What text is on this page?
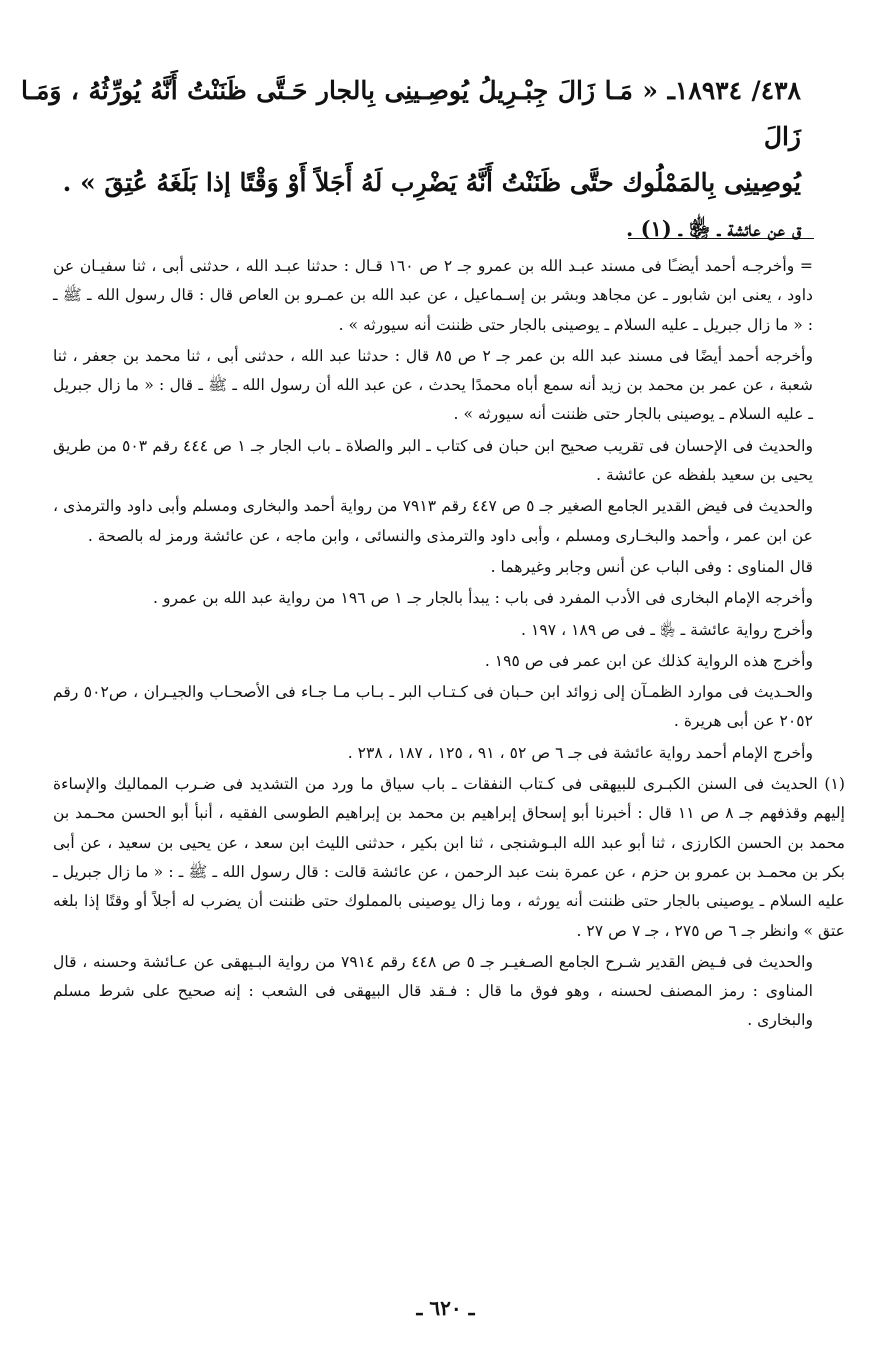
٤٣٨/ ١٨٩٣٤ـ « مَـا زَالَ جِبْـرِيلُ يُوصِـينِى بِالجار حَـتَّى ظَنَنْتُ أَنَّهُ يُورِّثُهُ ، وَمَـا زَالَ

يُوصِينِى بِالمَمْلُوك حتَّى ظَنَنْتُ أَنَّهُ يَضْرِب لَهُ أَجَلاً أَوْ وَقْتًا إذا بَلَغَهُ عُتِقَ » .

ق عن عائشة ـ ﵂ ـ (١) .

= وأخرجـه أحمد أيضـًا فى مسند عبـد الله بن عمرو جـ ٢ ص ١٦٠ قـال : حدثنا عبـد الله ، حدثنى أبى ، ثنا سفيـان عن داود ، يعنى ابن شابور ـ عن مجاهد وبشر بن إسـماعيل ، عن عبد الله بن عمـرو بن العاص قال : قال رسول الله ـ ﷺ ـ : « ما زال جبريل ـ عليه السلام ـ يوصينى بالجار حتى ظننت أنه سيورثه » .

وأخرجه أحمد أيضًا فى مسند عبد الله بن عمر جـ ٢ ص ٨٥ قال : حدثنا عبد الله ، حدثنى أبى ، ثنا محمد بن جعفر ، ثنا شعبة ، عن عمر بن محمد بن زيد أنه سمع أباه محمدًا يحدث ، عن عبد الله أن رسول الله ـ ﷺ ـ قال : « ما زال جبريل ـ عليه السلام ـ يوصينى بالجار حتى ظننت أنه سيورثه » .

والحديث فى الإحسان فى تقريب صحيح ابن حبان فى كتاب ـ البر والصلاة ـ باب الجار جـ ١ ص ٤٤٤ رقم ٥٠٣ من طريق يحيى بن سعيد بلفظه عن عائشة .

والحديث فى فيض القدير الجامع الصغير جـ ٥ ص ٤٤٧ رقم ٧٩١٣ من رواية أحمد والبخارى ومسلم وأبى داود والترمذى ، عن ابن عمر ، وأحمد والبخـارى ومسلم ، وأبى داود والترمذى والنسائى ، وابن ماجه ، عن عائشة ورمز له بالصحة .

قال المناوى : وفى الباب عن أنس وجابر وغيرهما .

وأخرجه الإمام البخارى فى الأدب المفرد فى باب : يبدأ بالجار جـ ١ ص ١٩٦ من رواية عبد الله بن عمرو .

وأخرج رواية عائشة ـ ﵂ ـ فى ص ١٨٩ ، ١٩٧ .

وأخرج هذه الرواية كذلك عن ابن عمر فى ص ١٩٥ .

والحـديث فى موارد الظمـآن إلى زوائد ابن حـبان فى كـتـاب البر ـ بـاب مـا جـاء فى الأصحـاب والجيـران ، ص٥٠٢ رقم ٢٠٥٢ عن أبى هريرة .

وأخرج الإمام أحمد رواية عائشة فى جـ ٦ ص ٥٢ ، ٩١ ، ١٢٥ ، ١٨٧ ، ٢٣٨ .

(١) الحديث فى السنن الكبـرى للبيهقى فى كـتاب النفقات ـ باب سياق ما ورد من التشديد فى ضـرب المماليك والإساءة إليهم وقذفهم جـ ٨ ص ١١ قال : أخبرنا أبو إسحاق إبراهيم بن محمد بن إبراهيم الطوسى الفقيه ، أنبأ أبو الحسن محـمد بن محمد بن الحسن الكارزى ، ثنا أبو عبد الله البـوشنجى ، ثنا ابن بكير ، حدثنى الليث ابن سعد ، عن يحيى بن سعيد ، عن أبى بكر بن محمـد بن عمرو بن حزم ، عن عمرة بنت عبد الرحمن ، عن عائشة قالت : قال رسول الله ـ ﷺ ـ : « ما زال جبريل ـ عليه السلام ـ يوصينى بالجار حتى ظننت أنه يورثه ، وما زال يوصينى بالمملوك حتى ظننت أن يضرب له أجلاً أو وقتًا إذا بلغه عتق » وانظر جـ ٦ ص ٢٧٥ ، جـ ٧ ص ٢٧ .

والحديث فى فـيض القدير شـرح الجامع الصـغيـر جـ ٥ ص ٤٤٨ رقم ٧٩١٤ من رواية البـيهقى عن عـائشة وحسنه ، قال المناوى : رمز المصنف لحسنه ، وهو فوق ما قال : فـقد قال البيهقى فى الشعب : إنه صحيح على شرط مسلم والبخارى .

ـ ٦٢٠ ـ
